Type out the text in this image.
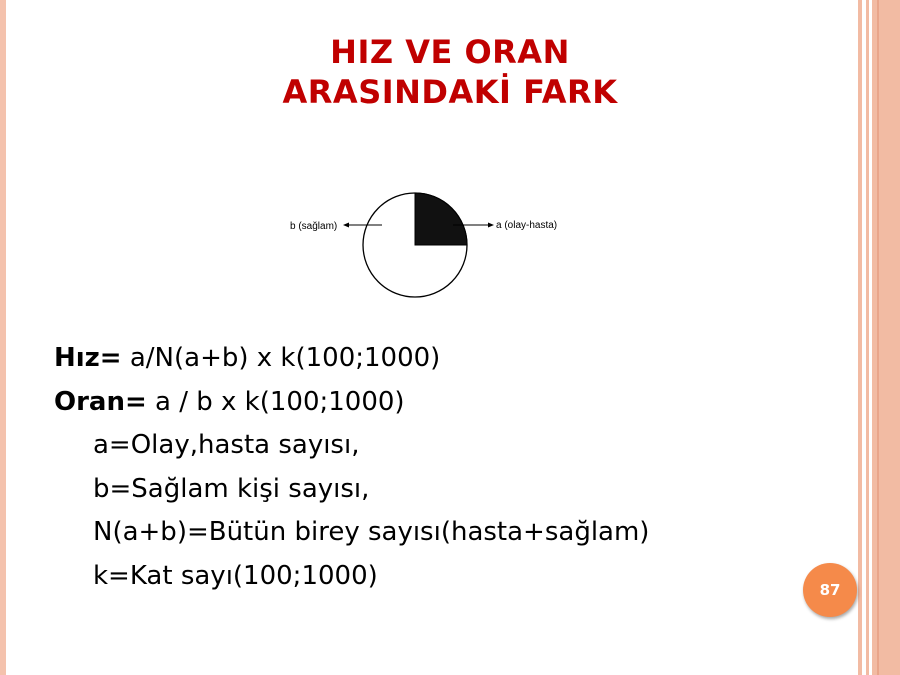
HIZ VE ORAN
ARASINDAKİ FARK
b (sağlam)	a (olay-hasta)
Hız= a/N(a+b) x k(100;1000)
Oran= a / b x k(100;1000)
a=Olay,hasta sayısı,
b=Sağlam kişi sayısı,
N(a+b)=Bütün birey sayısı(hasta+sağlam)
k=Kat sayı(100;1000)	87
